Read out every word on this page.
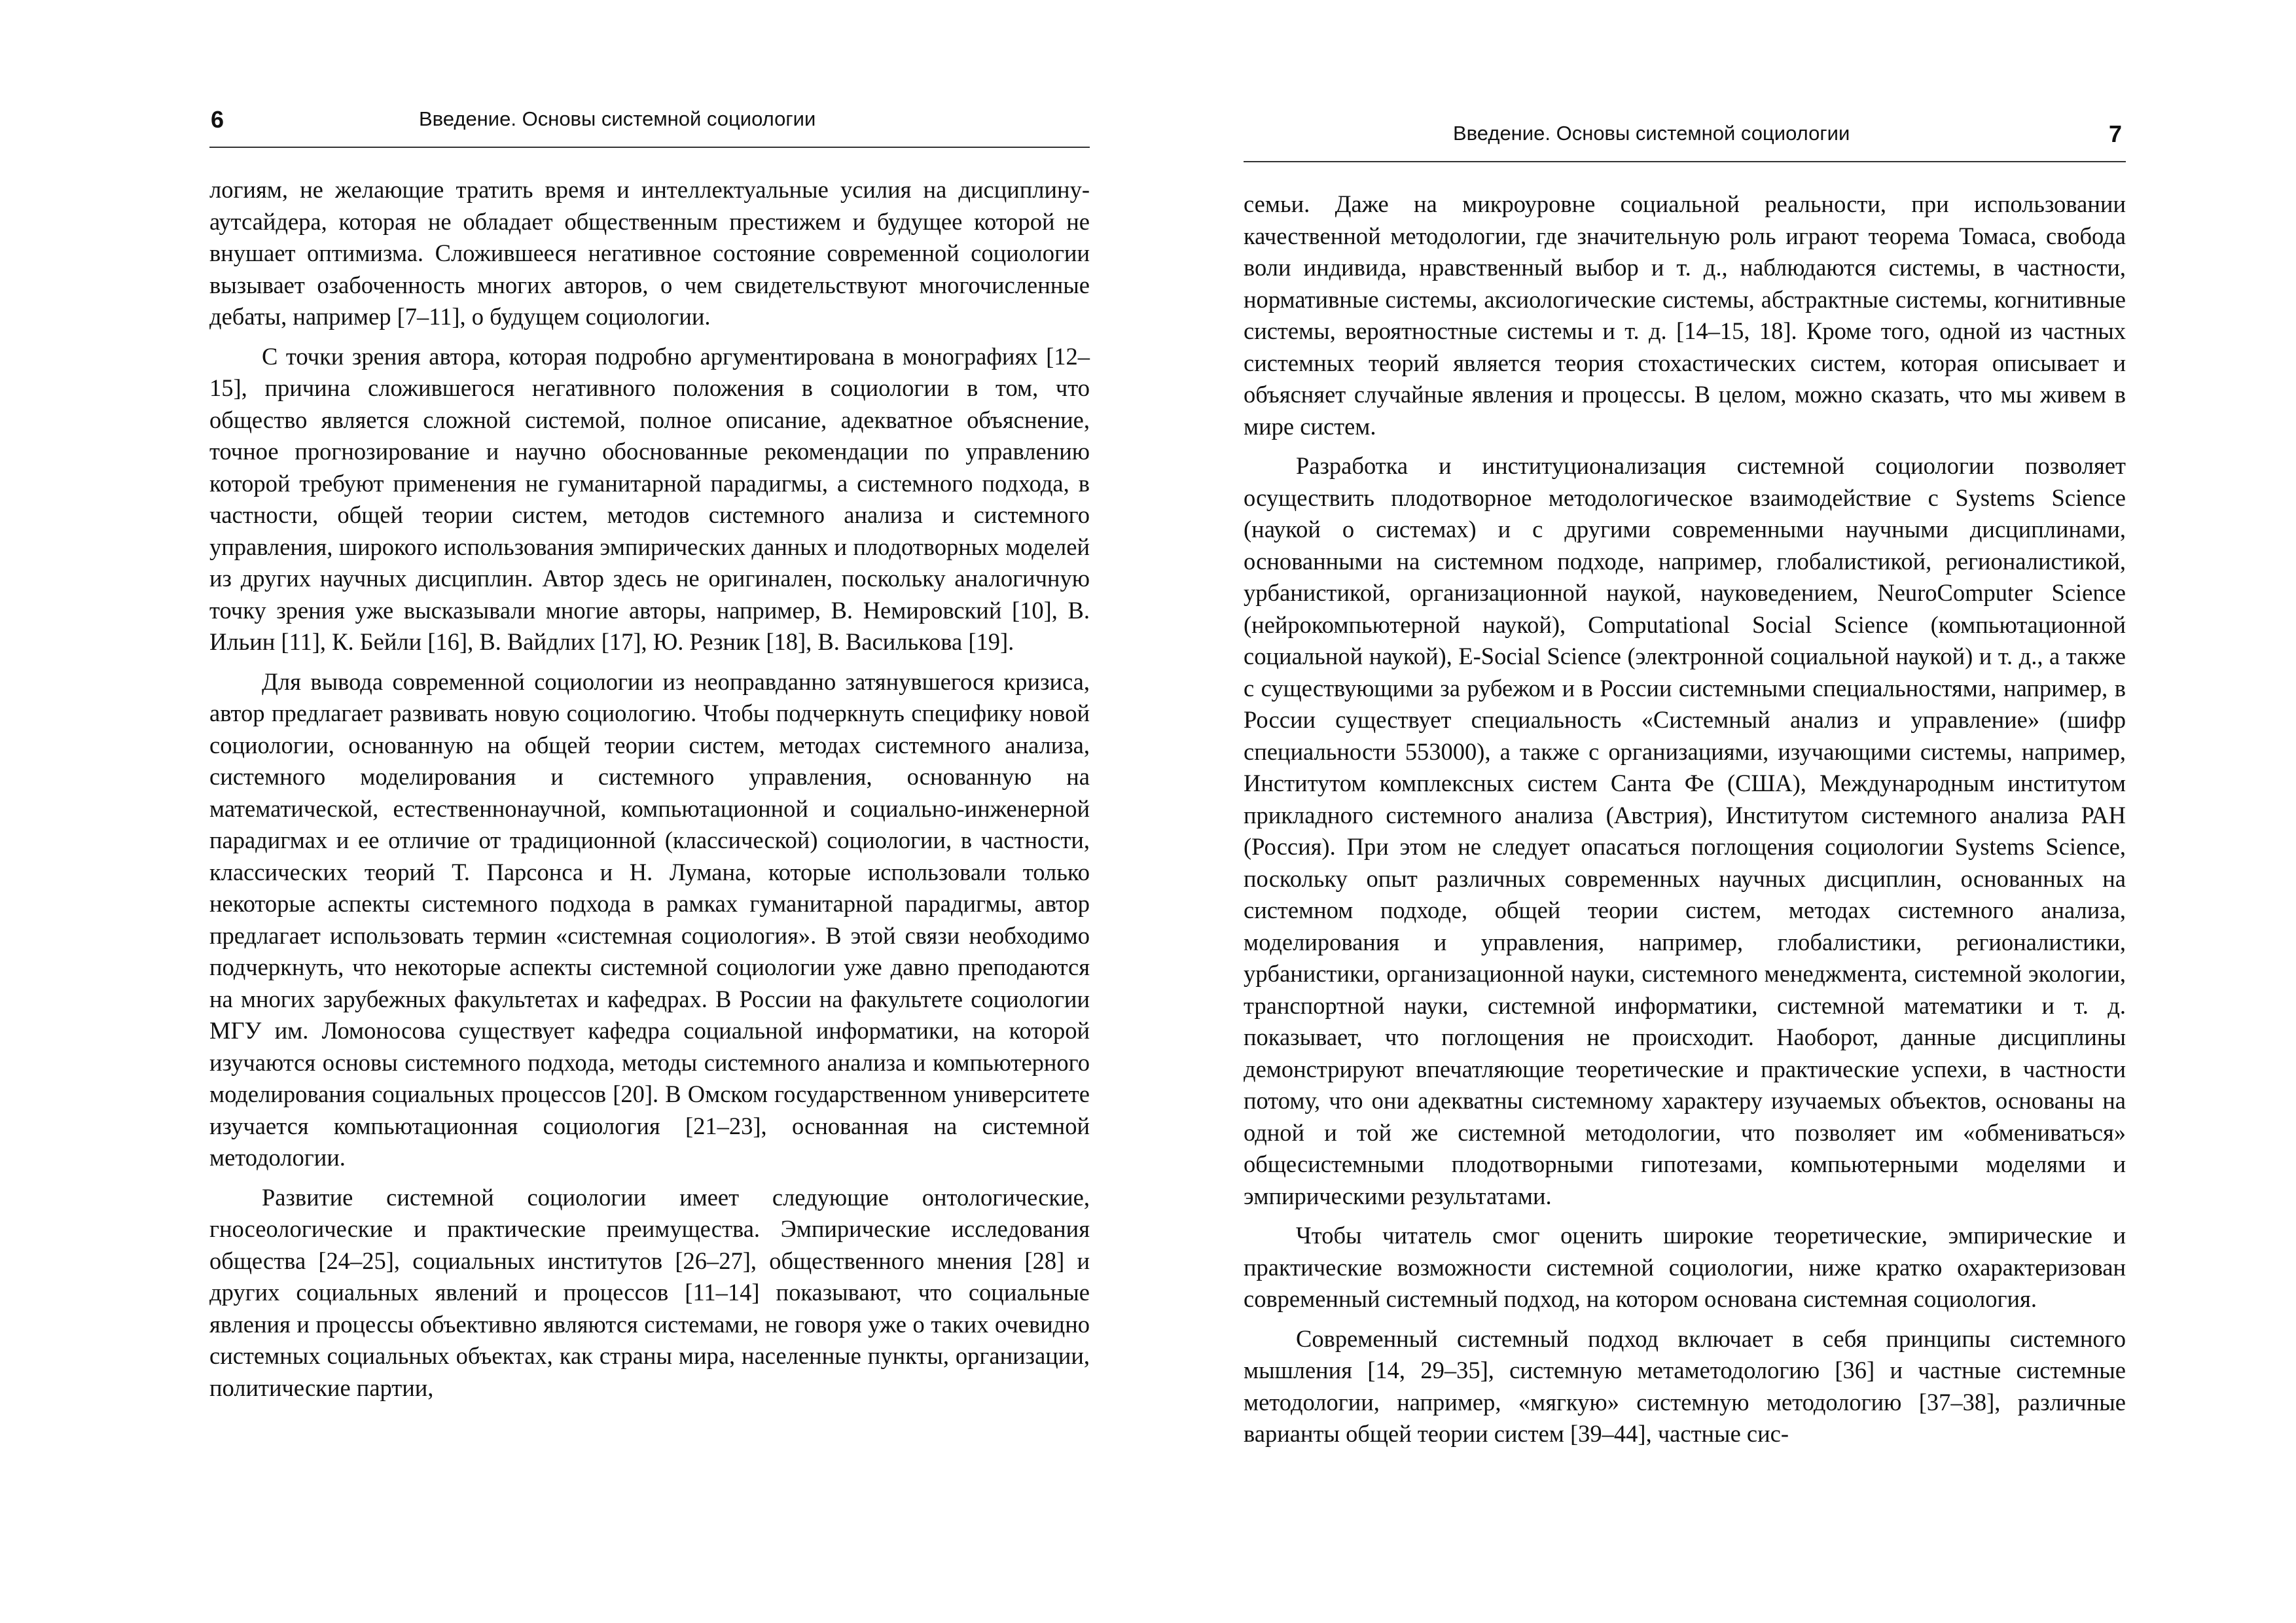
6	Введение. Основы системной социологии

логиям, не желающие тратить время и интеллектуальные усилия на дисциплину-аутсайдера, которая не обладает общественным престижем и будущее которой не внушает оптимизма. Сложившееся негативное состояние современной социологии вызывает озабоченность многих авторов, о чем свидетельствуют многочисленные дебаты, например [7–11], о будущем социологии.

С точки зрения автора, которая подробно аргументирована в монографиях [12–15], причина сложившегося негативного положения в социологии в том, что общество является сложной системой, полное описание, адекватное объяснение, точное прогнозирование и научно обоснованные рекомендации по управлению которой требуют применения не гуманитарной парадигмы, а системного подхода, в частности, общей теории систем, методов системного анализа и системного управления, широкого использования эмпирических данных и плодотворных моделей из других научных дисциплин. Автор здесь не оригинален, поскольку аналогичную точку зрения уже высказывали многие авторы, например, В. Немировский [10], В. Ильин [11], К. Бейли [16], В. Вайдлих [17], Ю. Резник [18], В. Василькова [19].

Для вывода современной социологии из неоправданно затянувшегося кризиса, автор предлагает развивать новую социологию. Чтобы подчеркнуть специфику новой социологии, основанную на общей теории систем, методах системного анализа, системного моделирования и системного управления, основанную на математической, естественнонаучной, компьютационной и социально-инженерной парадигмах и ее отличие от традиционной (классической) социологии, в частности, классических теорий Т. Парсонса и Н. Лумана, которые использовали только некоторые аспекты системного подхода в рамках гуманитарной парадигмы, автор предлагает использовать термин «системная социология». В этой связи необходимо подчеркнуть, что некоторые аспекты системной социологии уже давно преподаются на многих зарубежных факультетах и кафедрах. В России на факультете социологии МГУ им. Ломоносова существует кафедра социальной информатики, на которой изучаются основы системного подхода, методы системного анализа и компьютерного моделирования социальных процессов [20]. В Омском государственном университете изучается компьютационная социология [21–23], основанная на системной методологии.

Развитие системной социологии имеет следующие онтологические, гносеологические и практические преимущества. Эмпирические исследования общества [24–25], социальных институтов [26–27], общественного мнения [28] и других социальных явлений и процессов [11–14] показывают, что социальные явления и процессы объективно являются системами, не говоря уже о таких очевидно системных социальных объектах, как страны мира, населенные пункты, организации, политические партии,

Введение. Основы системной социологии	7

семьи. Даже на микроуровне социальной реальности, при использовании качественной методологии, где значительную роль играют теорема Томаса, свобода воли индивида, нравственный выбор и т. д., наблюдаются системы, в частности, нормативные системы, аксиологические системы, абстрактные системы, когнитивные системы, вероятностные системы и т. д. [14–15, 18]. Кроме того, одной из частных системных теорий является теория стохастических систем, которая описывает и объясняет случайные явления и процессы. В целом, можно сказать, что мы живем в мире систем.

Разработка и институционализация системной социологии позволяет осуществить плодотворное методологическое взаимодействие с Systems Science (наукой о системах) и с другими современными научными дисциплинами, основанными на системном подходе, например, глобалистикой, регионалистикой, урбанистикой, организационной наукой, науковедением, NeuroComputer Science (нейрокомпьютерной наукой), Computational Social Science (компьютационной социальной наукой), E-Social Science (электронной социальной наукой) и т. д., а также с существующими за рубежом и в России системными специальностями, например, в России существует специальность «Системный анализ и управление» (шифр специальности 553000), а также с организациями, изучающими системы, например, Институтом комплексных систем Санта Фе (США), Международным институтом прикладного системного анализа (Австрия), Институтом системного анализа РАН (Россия). При этом не следует опасаться поглощения социологии Systems Science, поскольку опыт различных современных научных дисциплин, основанных на системном подходе, общей теории систем, методах системного анализа, моделирования и управления, например, глобалистики, регионалистики, урбанистики, организационной науки, системного менеджмента, системной экологии, транспортной науки, системной информатики, системной математики и т. д. показывает, что поглощения не происходит. Наоборот, данные дисциплины демонстрируют впечатляющие теоретические и практические успехи, в частности потому, что они адекватны системному характеру изучаемых объектов, основаны на одной и той же системной методологии, что позволяет им «обмениваться» общесистемными плодотворными гипотезами, компьютерными моделями и эмпирическими результатами.

Чтобы читатель смог оценить широкие теоретические, эмпирические и практические возможности системной социологии, ниже кратко охарактеризован современный системный подход, на котором основана системная социология.

Современный системный подход включает в себя принципы системного мышления [14, 29–35], системную метаметодологию [36] и частные системные методологии, например, «мягкую» системную методологию [37–38], различные варианты общей теории систем [39–44], частные сис-
